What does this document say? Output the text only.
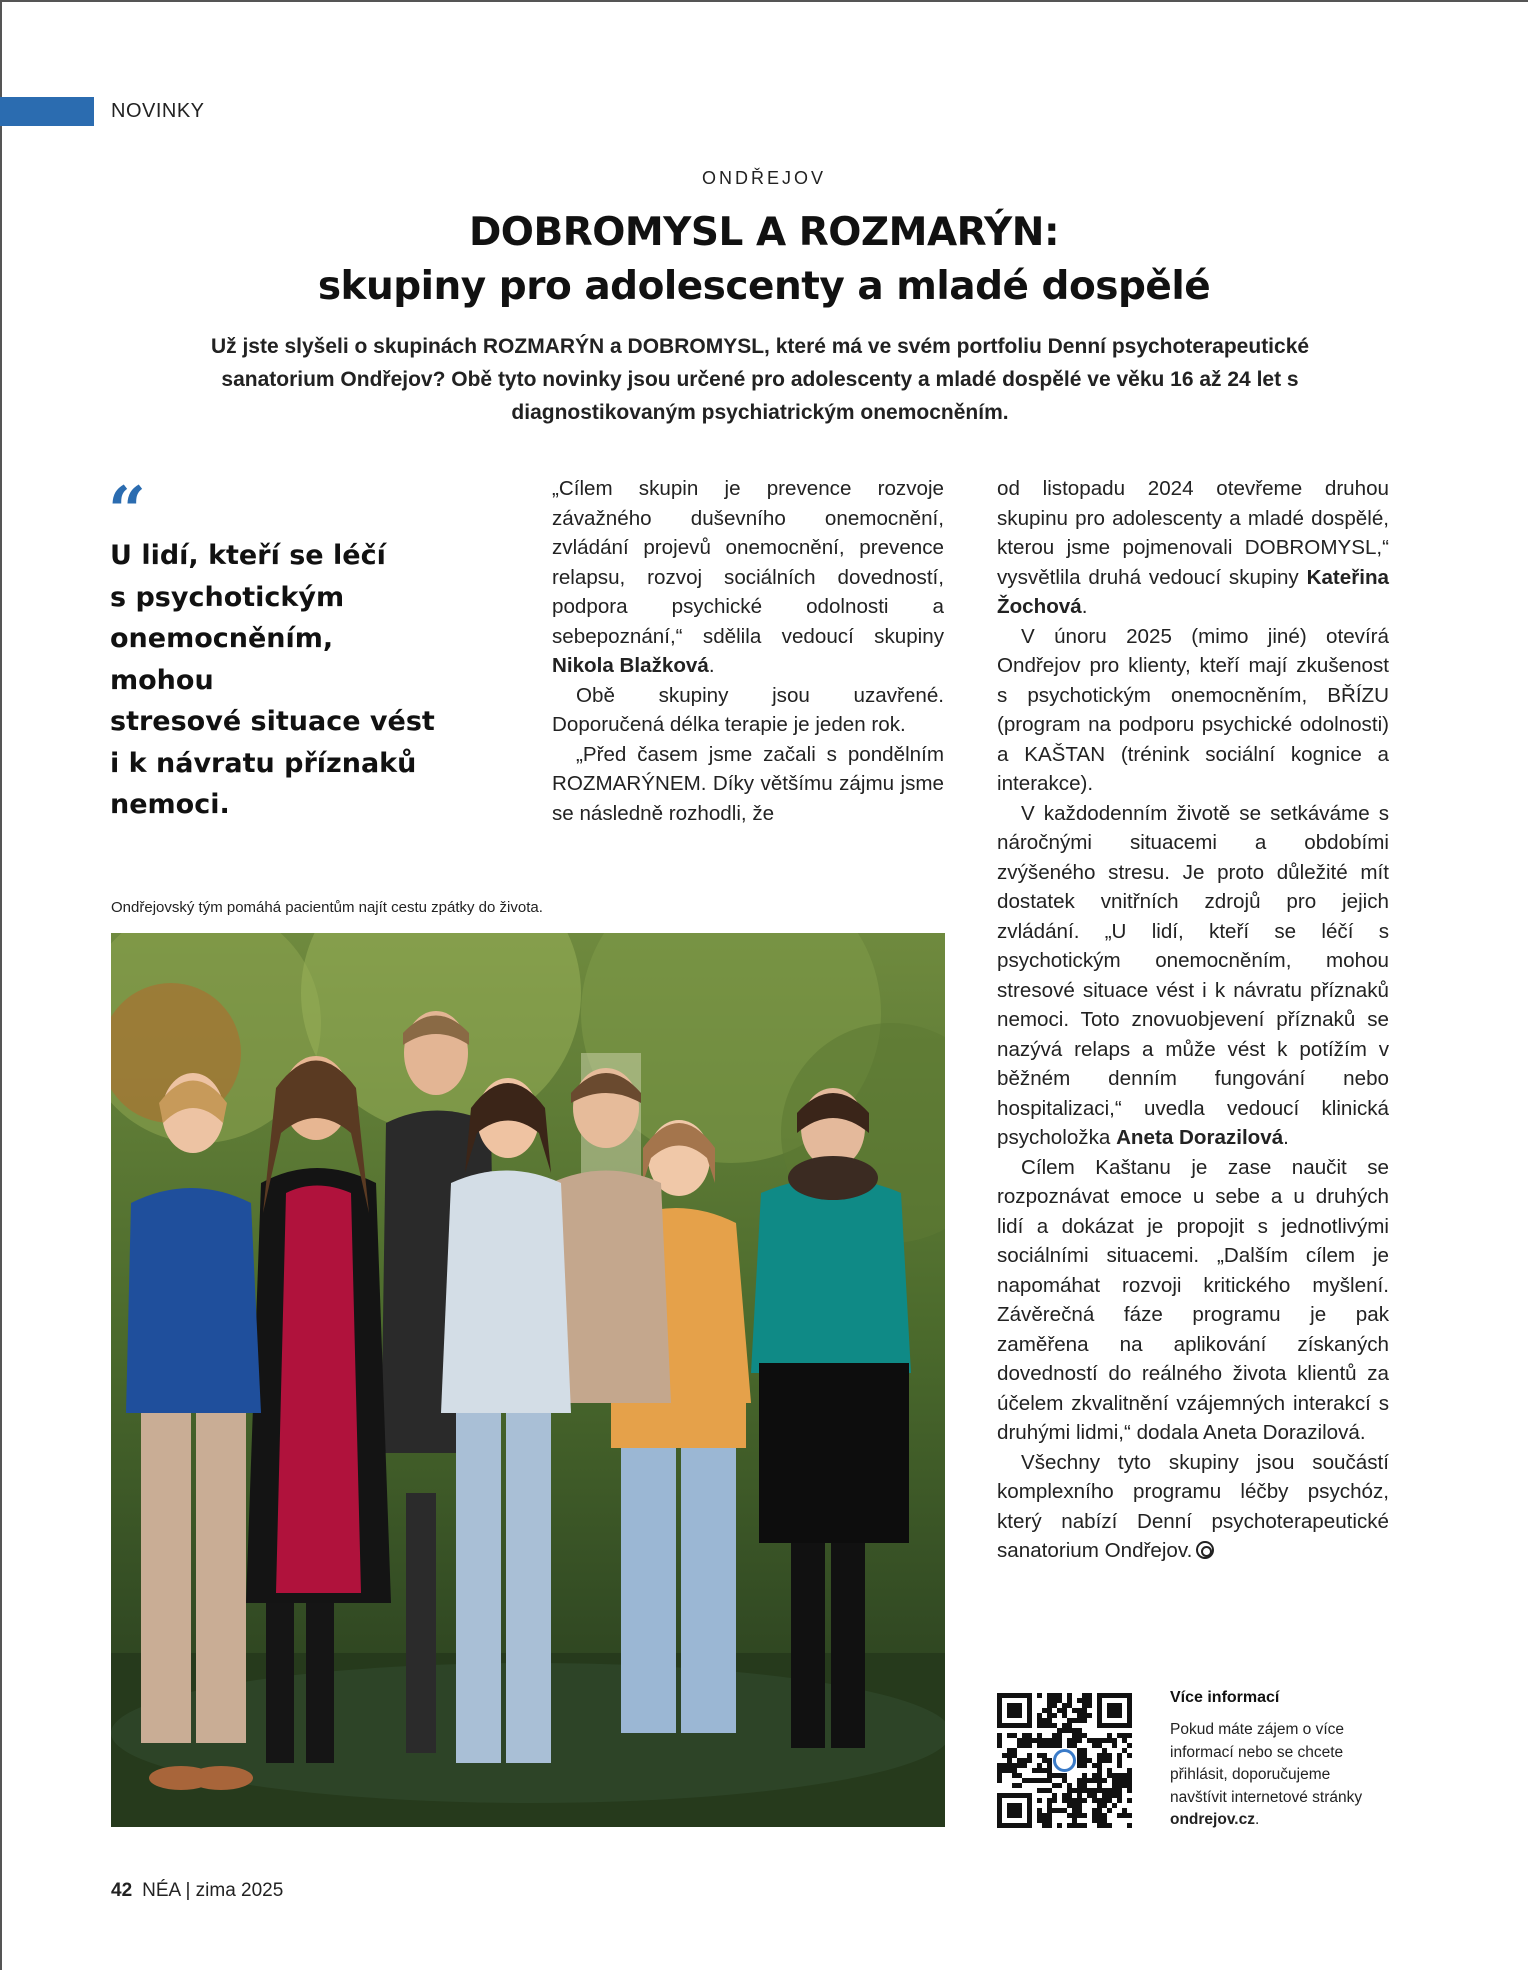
NOVINKY
ONDŘEJOV
DOBROMYSL A ROZMARÝN:
skupiny pro adolescenty a mladé dospělé

Už jste slyšeli o skupinách ROZMARÝN a DOBROMYSL, které má ve svém portfoliu Denní psychoterapeutické sanatorium Ondřejov? Obě tyto novinky jsou určené pro adolescenty a mladé dospělé ve věku 16 až 24 let s diagnostikovaným psychiatrickým onemocněním.

“
U lidí, kteří se léčí
s psychotickým
onemocněním, mohou
stresové situace vést
i k návratu příznaků
nemoci.

„Cílem skupin je prevence rozvoje závažného duševního onemocnění, zvládání projevů onemocnění, prevence relapsu, rozvoj sociálních dovedností, podpora psychické odolnosti a sebepoznání,“ sdělila vedoucí skupiny Nikola Blažková.

Obě skupiny jsou uzavřené. Doporučená délka terapie je jeden rok.

„Před časem jsme začali s pondělním ROZMARÝNEM. Díky většímu zájmu jsme se následně rozhodli, že

od listopadu 2024 otevřeme druhou skupinu pro adolescenty a mladé dospělé, kterou jsme pojmenovali DOBROMYSL,“ vysvětlila druhá vedoucí skupiny Kateřina Žochová.

V únoru 2025 (mimo jiné) otevírá Ondřejov pro klienty, kteří mají zkušenost s psychotickým onemocněním, BŘÍZU (program na podporu psychické odolnosti) a KAŠTAN (trénink sociální kognice a interakce).

V každodenním životě se setkáváme s náročnými situacemi a obdobími zvýšeného stresu. Je proto důležité mít dostatek vnitřních zdrojů pro jejich zvládání. „U lidí, kteří se léčí s psychotickým onemocněním, mohou stresové situace vést i k návratu příznaků nemoci. Toto znovuobjevení příznaků se nazývá relaps a může vést k potížím v běžném denním fungování nebo hospitalizaci,“ uvedla vedoucí klinická psycholožka Aneta Dorazilová.

Cílem Kaštanu je zase naučit se rozpoznávat emoce u sebe a u druhých lidí a dokázat je propojit s jednotlivými sociálními situacemi. „Dalším cílem je napomáhat rozvoji kritického myšlení. Závěrečná fáze programu je pak zaměřena na aplikování získaných dovedností do reálného života klientů za účelem zkvalitnění vzájemných interakcí s druhými lidmi,“ dodala Aneta Dorazilová.

Všechny tyto skupiny jsou součástí komplexního programu léčby psychóz, který nabízí Denní psychoterapeutické sanatorium Ondřejov.

Ondřejovský tým pomáhá pacientům najít cestu zpátky do života.
Více informací
Pokud máte zájem o více informací nebo se chcete přihlásit, doporučujeme navštívit internetové stránky ondrejov.cz.
42 NÉA | zima 2025
